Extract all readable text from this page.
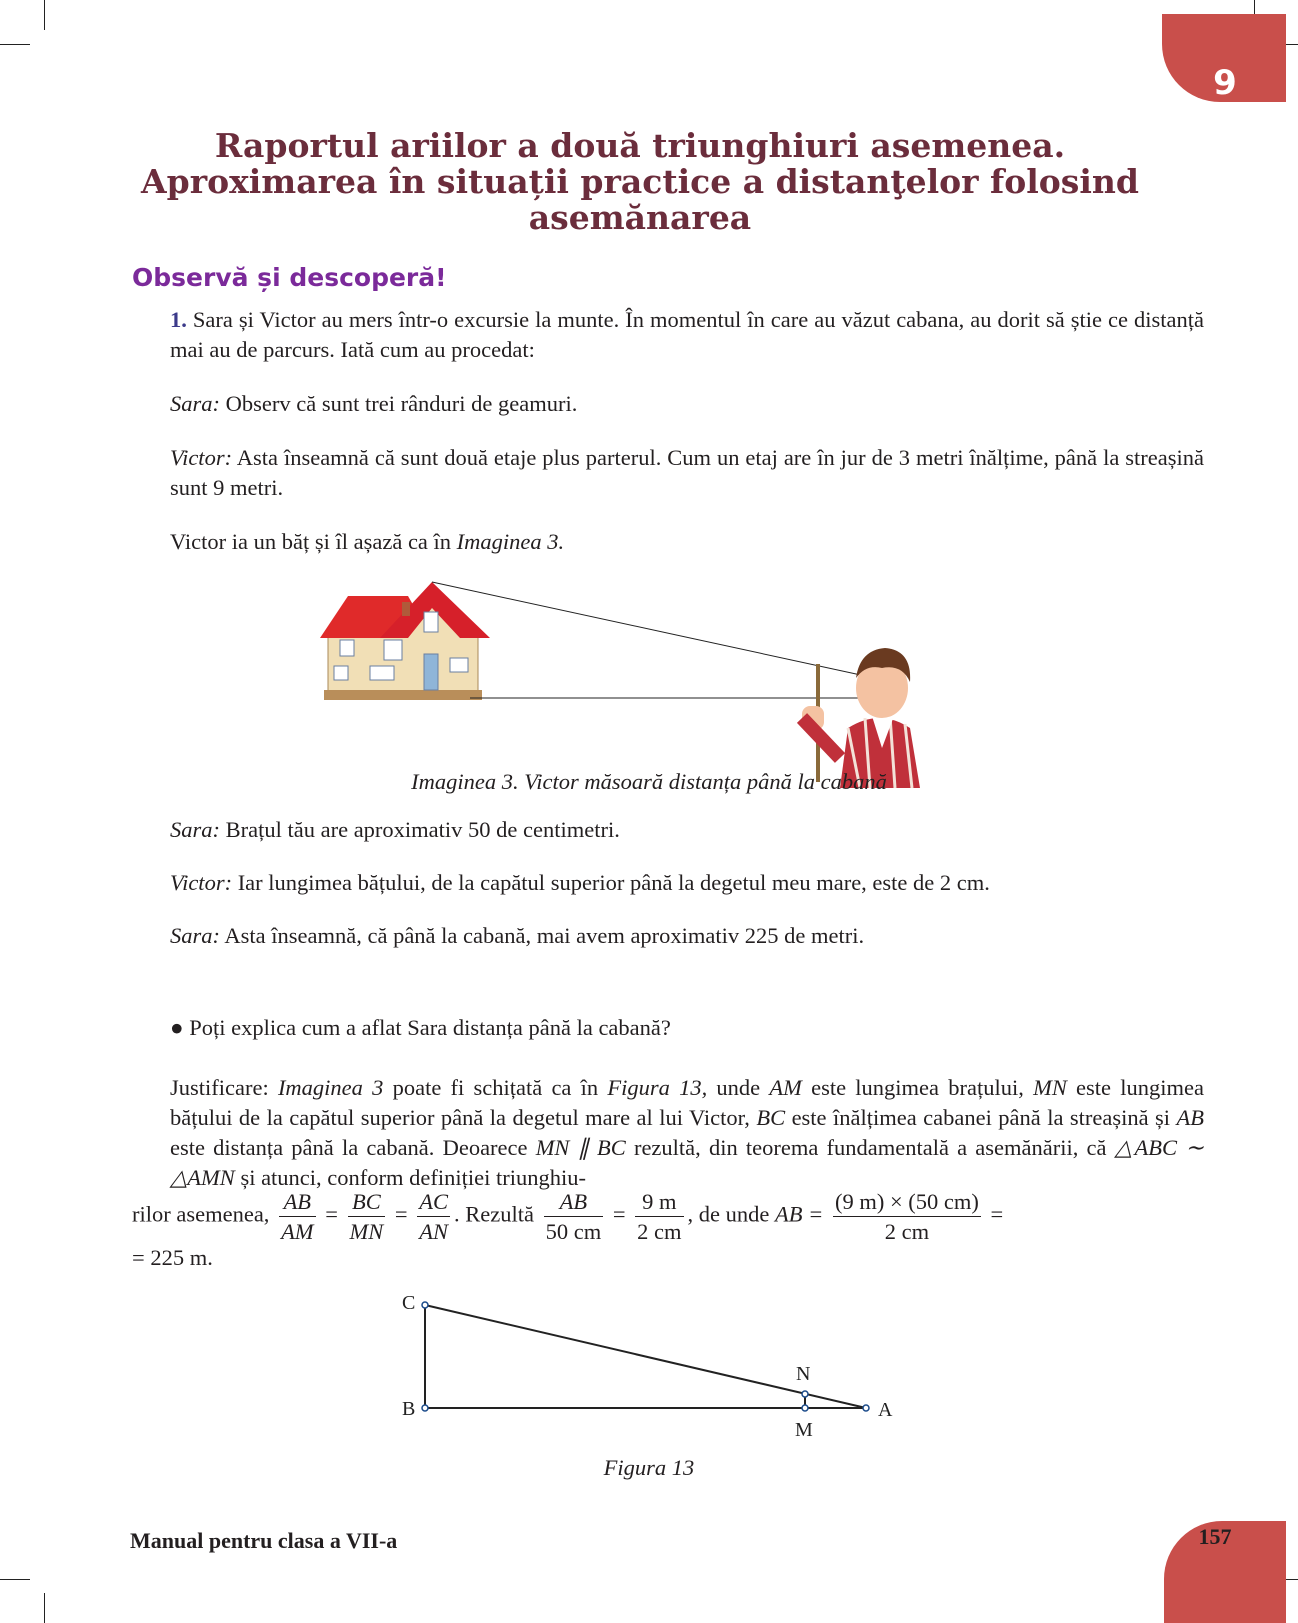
9
Raportul ariilor a două triunghiuri asemenea.
Aproximarea în situații practice a distanţelor folosind
asemănarea
Observă și descoperă!
1. Sara și Victor au mers într-o excursie la munte. În momentul în care au văzut cabana, au dorit să știe ce distanță mai au de parcurs. Iată cum au procedat:
Sara: Observ că sunt trei rânduri de geamuri.
Victor: Asta înseamnă că sunt două etaje plus parterul. Cum un etaj are în jur de 3 metri înălțime, până la streașină sunt 9 metri.
Victor ia un băț și îl așază ca în Imaginea 3.
Imaginea 3. Victor măsoară distanța până la cabană
Sara: Brațul tău are aproximativ 50 de centimetri.
Victor: Iar lungimea bățului, de la capătul superior până la degetul meu mare, este de 2 cm.
Sara: Asta înseamnă, că până la cabană, mai avem aproximativ 225 de metri.
● Poți explica cum a aflat Sara distanța până la cabană?
Justificare: Imaginea 3 poate fi schițată ca în Figura 13, unde AM este lungimea brațului, MN este lungimea bățului de la capătul superior până la degetul mare al lui Victor, BC este înălțimea cabanei până la streașină și AB este distanța până la cabană. Deoarece MN ∥ BC rezultă, din teorema fundamentală a asemănării, că △ABC ∼ △AMN și atunci, conform definiției triunghiu-
rilor asemenea, $\frac{AB}{AM} = \frac{BC}{MN} = \frac{AC}{AN}$ . Rezultă $\frac{AB}{50 cm} = \frac{9 m}{2 cm}$ , de unde AB = $\frac{(9 m) \times (50 cm)}{2 cm}$ =
= 225 m.
C
B
N
M
A
Figura 13
Manual pentru clasa a VII-a	157
